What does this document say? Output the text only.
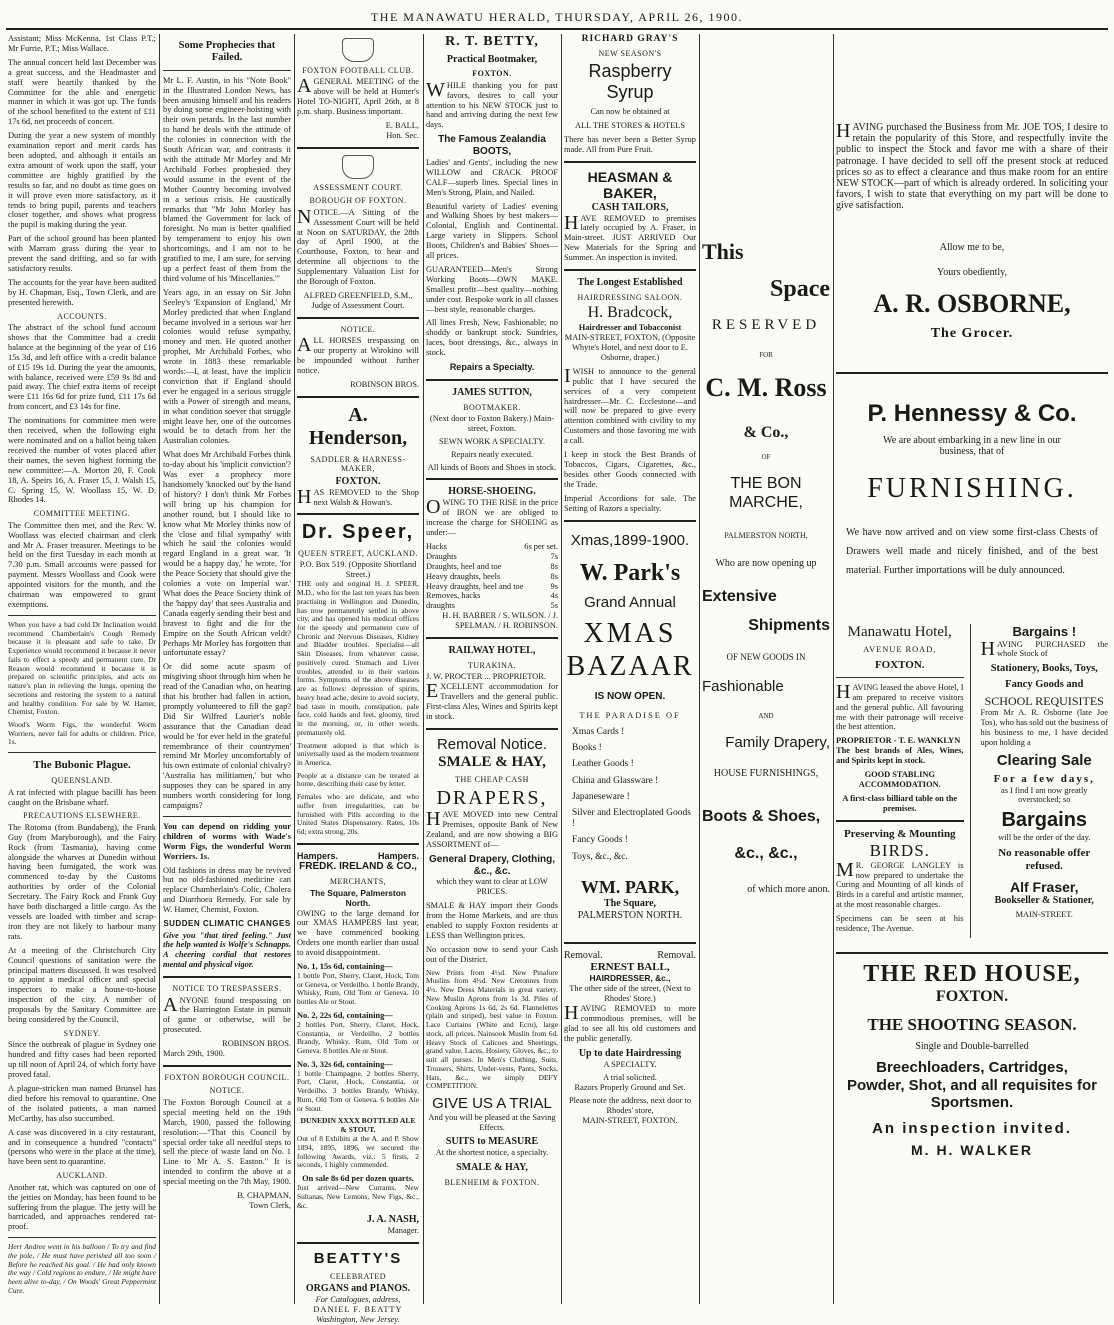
THE MANAWATU HERALD, THURSDAY, APRIL 26, 1900.

Assistant; Miss McKenna, 1st Class P.T.; Mr Furrie, P.T.; Miss Wallace.

The annual concert held last December was a great success, and the Headmaster and staff were heartily thanked by the Committee for the able and energetic manner in which it was got up. The funds of the school benefited to the extent of £11 17s 6d, net proceeds of concert.

During the year a new system of monthly examination report and merit cards has been adopted, and although it entails an extra amount of work upon the staff, your committee are highly gratified by the results so far, and no doubt as time goes on it will prove even more satisfactory, as it tends to bring pupil, parents and teachers closer together, and shows what progress the pupil is making during the year.

Part of the school ground has been planted with Marram grass during the year to prevent the sand drifting, and so far with satisfactory results.

The accounts for the year have been audited by H. Chapman, Esq., Town Clerk, and are presented herewith.

ACCOUNTS.

The abstract of the school fund account shows that the Committee had a credit balance at the beginning of the year of £16 15s 3d, and left office with a credit balance of £15 19s 1d. During the year the amounts, with balance, received were £59 9s 8d and paid away. The chief extra items of receipt were £11 16s 6d for prize fund, £11 17s 6d from concert, and £3 14s for fine.

The nominations for committee men were then received, when the following eight were nominated and on a ballot being taken received the number of votes placed after their names, the seven highest forming the new committee:—A. Morton 20, F. Cook 18, A. Speirs 16, A. Fraser 15, J. Walsh 15, C. Spring 15, W. Woollass 15, W. D. Rhodes 14.

COMMITTEE MEETING.

The Committee then met, and the Rev. W. Woollass was elected chairman and clerk and Mr A. Fraser treasurer. Meetings to be held on the first Tuesday in each month at 7.30 p.m. Small accounts were passed for payment. Messrs Woollass and Cook were appointed visitors for the month, and the chairman was empowered to grant exemptions.

When you have a bad cold Dr Inclination would recommend Chamberlain's Cough Remedy because it is pleasant and safe to take. Dr Experience would recommend it because it never fails to effect a speedy and permanent cure. Dr Reason would recommend it because it is prepared on scientific principles, and acts on nature's plan in relieving the lungs, opening the secretions and restoring the system to a natural and healthy condition. For sale by W. Hamer, Chemist, Foxton.

Wood's Worm Figs, the wonderful Worm Worriers, never fail for adults or children. Price, 1s.

The Bubonic Plague.
QUEENSLAND.

A rat infected with plague bacilli has been caught on the Brisbane wharf.

PRECAUTIONS ELSEWHERE.

The Rotoma (from Bundaberg), the Frank Guy (from Maryborough), and the Fairy Rock (from Tasmania), having come alongside the wharves at Dunedin without having been fumigated, the work was commenced to-day by the Customs authorities by order of the Colonial Secretary. The Fairy Rock and Frank Guy have both discharged a little cargo. As the vessels are loaded with timber and scrap-iron they are not likely to harbour many rats.

At a meeting of the Christchurch City Council questions of sanitation were the principal matters discussed. It was resolved to appoint a medical officer and special inspectors to make a house-to-house inspection of the city. A number of proposals by the Sanitary Committee are being considered by the Council.

SYDNEY.

Since the outbreak of plague in Sydney one hundred and fifty cases had been reported up till noon of April 24, of which forty have proved fatal.

A plague-stricken man named Brunsel has died before his removal to quarantine. One of the isolated patients, a man named McCarthy, has also succumbed.

A case was discovered in a city restaurant, and in consequence a hundred "contacts" (persons who were in the place at the time), have been sent to quarantine.

AUCKLAND.

Another rat, which was captured on one of the jetties on Monday, has been found to be suffering from the plague. The jetty will be barricaded, and approaches rendered rat-proof.

Herr Andree went in his balloon / To try and find the pole, / He must have perished all too soon / Before he reached his goal. / He had only known the way / Cold regions to endure, / He might have been alive to-day, / On Woods' Great Peppermint Cure.

Some Prophecies that Failed.

Mr L. F. Austin, in his "Note Book" in the Illustrated London News, has been amusing himself and his readers by doing some engineer-hoisting with their own petards. In the last number to hand he deals with the attitude of the colonies in connection with the South African war, and contrasts it with the attitude Mr Morley and Mr Archibald Forbes prophesied they would assume in the event of the Mother Country becoming involved in a serious crisis. He caustically remarks that "Mr John Morley has blamed the Government for lack of foresight. No man is better qualified by temperament to enjoy his own shortcomings, and I am not to be gratified to me, I am sure, for serving up a perfect feast of them from the third volume of his 'Miscellanies.'"

Years ago, in an essay on Sir John Seeley's 'Expansion of England,' Mr Morley predicted that when England became involved in a serious war her colonies would refuse sympathy, money and men. He quoted another prophet, Mr Archibald Forbes, who wrote in 1883 these remarkable words:—I, at least, have the implicit conviction that if England should ever be engaged in a serious struggle with a Power of strength and means, in what condition soever that struggle might leave her, one of the outcomes would be to detach from her the Australian colonies.

What does Mr Archibald Forbes think to-day about his 'implicit conviction'? Was ever a prophecy more handsomely 'knocked out' by the hand of history? I don't think Mr Forbes will bring up his champion for another round, but I should like to know what Mr Morley thinks now of the 'close and filial sympathy' with which he said the colonies would regard England in a great war. 'It would be a happy day,' he wrote, 'for the Peace Society that should give the colonies a vote on Imperial war.' What does the Peace Society think of the 'happy day' that sees Australia and Canada eagerly sending their best and bravest to fight and die for the Empire on the South African veldt? Perhaps Mr Morley has forgotten that unfortunate essay?

Or did some acute spasm of misgiving shoot through him when he read of the Canadian who, on hearing that his brother had fallen in action, promptly volunteered to fill the gap? Did Sir Wilfred Laurier's noble assurance that the Canadian dead would be 'for ever held in the grateful remembrance of their countrymen' remind Mr Morley uncomfortably of his own estimate of colonial chivalry? 'Australia has militiamen,' but who supposes they can be spared in any numbers worth considering for long campaigns?

You can depend on ridding your children of worms with Wade's Worm Figs, the wonderful Worm Worriers. 1s.

Old fashions in dress may be revived but no old-fashioned medicine can replace Chamberlain's Colic, Cholera and Diarrhoea Remedy. For sale by W. Hamer, Chemist, Foxton.

SUDDEN CLIMATIC CHANGES

Give you "that tired feeling." Just the help wanted is Wolfe's Schnapps. A cheering cordial that restores mental and physical vigor.

NOTICE TO TRESPASSERS.

ANYONE found trespassing on the Harrington Estate in pursuit of game or otherwise, will be prosecuted.

ROBINSON BROS.
March 29th, 1900.
FOXTON BOROUGH COUNCIL.
NOTICE.

The Foxton Borough Council at a special meeting held on the 19th March, 1900, passed the following resolution:—"That this Council by special order take all needful steps to sell the piece of waste land on No. 1 Line to Mr A. S. Easton." It is intended to confirm the above at a special meeting on the 7th May, 1900.

B. CHAPMAN,
Town Clerk,
FOXTON FOOTBALL CLUB.

AGENERAL MEETING of the above will be held at Hunter's Hotel TO-NIGHT, April 26th, at 8 p.m. sharp. Business important.

E. BALL,
Hon. Sec.
ASSESSMENT COURT.
BOROUGH OF FOXTON.

NOTICE.—A Sitting of the Assessment Court will be held at Noon on SATURDAY, the 28th day of April 1900, at the Courthouse, Foxton, to hear and determine all objections to the Supplementary Valuation List for the Borough of Foxton.

ALFRED GREENFIELD, S.M.,
Judge of Assessment Court.
NOTICE.

ALL HORSES trespassing on our property at Wirokino will be impounded without further notice.

ROBINSON BROS.
A. Henderson,
SADDLER & HARNESS-MAKER,
FOXTON.

HAS REMOVED to the Shop next Walsh & Howan's.

Dr. Speer,
QUEEN STREET, AUCKLAND.
P.O. Box 519. (Opposite Shortland Street.)

THE only and original H. J. SPEER, M.D., who for the last ten years has been practising in Wellington and Dunedin, has now permanently settled in above city, and has opened his medical offices for the speedy and permanent cure of Chronic and Nervous Diseases, Kidney and Bladder troubles. Specialist—all Skin Diseases, from whatever cause, positively cured. Stomach and Liver troubles, attended to in their various forms. Symptoms of the above diseases are as follows: depression of spirits, heavy head ache, desire to avoid society, bad taste in mouth, constipation, pale face, cold hands and feet, gloomy, tired in the morning, or, in other words, prematurely old.

Treatment adopted is that which is universally used as the modern treatment in America.

People at a distance can be treated at home, describing their case by letter.

Females who are delicate, and who suffer from irregularities, can be furnished with Pills according to the United States Dispensatory. Rates, 10s 6d; extra strong, 20s.

Hampers.	Hampers.
FREDK. IRELAND & CO.,
MERCHANTS,
The Square, Palmerston North.

OWING to the large demand for our XMAS HAMPERS last year, we have commenced booking Orders one month earlier than usual to avoid disappointment.

No. 1, 15s 6d, containing—

1 bottle Port, Sherry, Claret, Hock, Tom or Geneva, or Verdeilho. 1 bottle Brandy, Whisky, Rum, Old Tom or Geneva. 10 bottles Ale or Stout.

No. 2, 22s 6d, containing—

2 bottles Port, Sherry, Claret, Hock, Constantia, or Verdeilho. 2 bottles Brandy, Whisky, Rum, Old Tom or Geneva. 8 bottles Ale or Stout.

No. 3, 32s 6d, containing—

1 bottle Champagne. 2 bottles Sherry, Port, Claret, Hock, Constantia, or Verdeilho. 3 bottles Brandy, Whisky, Rum, Old Tom or Geneva. 6 bottles Ale or Stout.

DUNEDIN XXXX BOTTLED ALE & STOUT.

Out of 8 Exhibits at the A. and P. Show 1894, 1895, 1896, we secured the following Awards, viz.: 5 firsts, 2 seconds, 1 highly commended.

On sale 8s 6d per dozen quarts.

Just arrived—New Currants, New Sultanas, New Lemons, New Figs, &c., &c.

J. A. NASH,
Manager.
BEATTY'S
CELEBRATED
ORGANS and PIANOS.
For Catalogues, address,
DANIEL F. BEATTY
Washington, New Jersey.
R. T. BETTY,
Practical Bootmaker,
FOXTON.

WHILE thanking you for past favors, desires to call your attention to his NEW STOCK just to hand and arriving during the next few days.

The Famous Zealandia BOOTS,

Ladies' and Gents', including the new WILLOW and CRACK PROOF CALF—superb lines. Special lines in Men's Strong, Plain, and Nailed.

Beautiful variety of Ladies' evening and Walking Shoes by best makers—Colonial, English and Continental. Large variety in Slippers. School Boots, Children's and Babies' Shoes—all prices.

GUARANTEED—Men's Strong Working Boots—OWN MAKE. Smallest profit—best quality—nothing under cost. Bespoke work in all classes—best style, reasonable charges.

All lines Fresh, New, Fashionable; no shoddy or bankrupt stock. Sundries, laces, boot dressings, &c., always in stock.

Repairs a Specialty.
JAMES SUTTON,
BOOTMAKER.
(Next door to Foxton Bakery.) Main-street, Foxton.
SEWN WORK A SPECIALTY.
Repairs neatly executed.
All kinds of Boots and Shoes in stock.
HORSE-SHOEING.

OWING TO THE RISE in the price of IRON we are obliged to increase the charge for SHOEING as under:—

Hacks	6s per set.
Draughts	7s
Draughts, heel and toe	8s
Heavy draughts, heels	8s
Heavy draughts, heel and toe	9s
Removes, hacks	4s
draughts	5s

H. H. BARBER / S. WILSON. / J. SPELMAN. / H. ROBINSON.

RAILWAY HOTEL,
TURAKINA.
J. W. PROCTER ... PROPRIETOR.

EXCELLENT accommodation for Travellers and the general public. First-class Ales, Wines and Spirits kept in stock.

Removal Notice.
SMALE & HAY,
THE CHEAP CASH
DRAPERS,

HAVE MOVED into new Central Premises, opposite Bank of New Zealand, and are now showing a BIG ASSORTMENT of—

General Drapery, Clothing, &c., &c.

which they want to clear at LOW PRICES.

SMALE & HAY import their Goods from the Home Markets, and are thus enabled to supply Foxton residents at LESS than Wellington prices.

No occasion now to send your Cash out of the District.

New Prints from 4½d. New Pinafore Muslins from 4½d. New Cretonnes from 4½. New Dress Materials in great variety. New Muslin Aprons from 1s 3d. Piles of Cooking Aprons 1s 6d, 2s 6d. Flannelettes (plain and striped), best value in Foxton. Lace Curtains (White and Ecru), large stock, all prices. Nainsook Muslin from 6d. Heavy Stock of Calicoes and Sheetings, grand value. Laces, Hosiery, Gloves, &c., to suit all purses. In Men's Clothing, Suits, Trousers, Shirts, Under-vests, Pants, Socks, Hats, &c., we simply DEFY COMPETITION.

GIVE US A TRIAL
And you will be pleased at the Saving Effects.
SUITS to MEASURE
At the shortest notice, a specialty.
SMALE & HAY,
BLENHEIM & FOXTON.
RICHARD GRAY'S
NEW SEASON'S
Raspberry Syrup
Can now be obtained at
ALL THE STORES & HOTELS

There has never been a Better Syrup made. All from Pure Fruit.

HEASMAN & BAKER,
CASH TAILORS,

HAVE REMOVED to premises lately occupied by A. Fraser, in Main-street. JUST ARRIVED Our New Materials for the Spring and Summer. An inspection is invited.

The Longest Established
HAIRDRESSING SALOON.
H. Bradcock,
Hairdresser and Tobacconist

MAIN-STREET, FOXTON, (Opposite Whyte's Hotel, and next door to E. Osborne, draper.)

IWISH to announce to the general public that I have secured the services of a very competent hairdresser—Mr. C. Ecclestone—and will now be prepared to give every attention combined with civility to my Customers and those favoring me with a call.

I keep in stock the Best Brands of Tobaccos, Cigars, Cigarettes, &c., besides other Goods connected with the Trade.

Imperial Accordions for sale. The Setting of Razors a specialty.

Xmas,1899-1900.
W. Park's
Grand Annual
XMAS
BAZAAR
IS NOW OPEN.
THE PARADISE OF
Xmas Cards !
Books !
Leather Goods !
China and Glassware !
Japaneseware !
Silver and Electroplated Goods !
Fancy Goods !
Toys, &c., &c.
WM. PARK,
The Square,
PALMERSTON NORTH.
Removal.	Removal.
ERNEST BALL,
HAIRDRESSER, &c.,
The other side of the street, (Next to Rhodes' Store.)

HAVING REMOVED to more commodious premises, will be glad to see all his old customers and the public generally.

Up to date Hairdressing
A SPECIALTY.
A trial solicited.
Razors Properly Ground and Set.
Please note the address, next door to Rhodes' store,
MAIN-STREET, FOXTON.
This
Space
RESERVED
FOR
C. M. Ross
& Co.,
OF
THE BON MARCHE,
PALMERSTON NORTH,
Who are now opening up
Extensive
Shipments
OF NEW GOODS IN
Fashionable
AND
Family Drapery,
HOUSE FURNISHINGS,
Boots & Shoes,
&c., &c.,
of which more anon.

HAVING purchased the Business from Mr. JOE TOS, I desire to retain the popularity of this Store, and respectfully invite the public to inspect the Stock and favor me with a share of their patronage. I have decided to sell off the present stock at reduced prices so as to effect a clearance and thus make room for an entire NEW STOCK—part of which is already ordered. In soliciting your favors, I wish to state that everything on my part will be done to give satisfaction.

Allow me to be,
Yours obediently,
A. R. OSBORNE,
The Grocer.
P. Hennessy & Co.
We are about embarking in a new line in our business, that of
FURNISHING.

We have now arrived and on view some first-class Chests of Drawers well made and nicely finished, and of the best material. Further importations will be duly announced.

Manawatu Hotel,
AVENUE ROAD,
FOXTON.

HAVING leased the above Hotel, I am prepared to receive visitors and the general public. All favouring me with their patronage will receive the best attention.

PROPRIETOR - T. E. WANKLYN

The best brands of Ales, Wines, and Spirits kept in stock.

GOOD STABLING ACCOMMODATION.

A first-class billiard table on the premises.

Preserving & Mounting
BIRDS.

MR. GEORGE LANGLEY is now prepared to undertake the Curing and Mounting of all kinds of Birds in a careful and artistic manner, at the most reasonable charges.

Specimens can be seen at his residence, The Avenue.

Bargains !

HAVING PURCHASED the whole Stock of

Stationery, Books, Toys,
Fancy Goods and
SCHOOL REQUISITES

From Mr A. R. Osborne (late Joe Tos), who has sold out the business of his business to me, I have decided upon holding a

Clearing Sale
For a few days,

as I find I am now greatly overstocked; so

Bargains
will be the order of the day.
No reasonable offer refused.
Alf Fraser,
Bookseller & Stationer,
MAIN-STREET.
THE RED HOUSE,
FOXTON.
THE SHOOTING SEASON.
Single and Double-barrelled
Breechloaders, Cartridges, Powder, Shot, and all requisites for Sportsmen.
An inspection invited.
M. H. WALKER
